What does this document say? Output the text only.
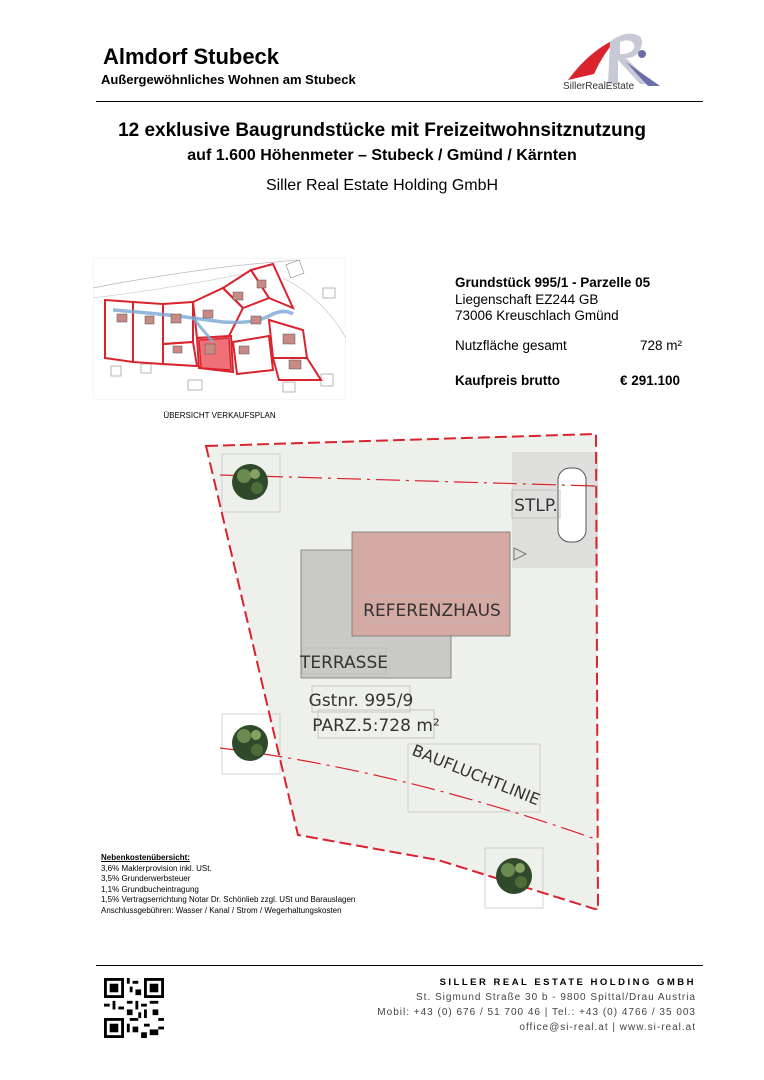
Almdorf Stubeck
Außergewöhnliches Wohnen am Stubeck	SillerRealEstate
12 exklusive Baugrundstücke mit Freizeitwohnsitznutzung
auf 1.600 Höhenmeter – Stubeck / Gmünd / Kärnten
Siller Real Estate Holding GmbH
ÜBERSICHT VERKAUFSPLAN
Grundstück 995/1 - Parzelle 05
Liegenschaft EZ244 GB
73006 Kreuschlach Gmünd
Nutzfläche gesamt	728 m²
Kaufpreis brutto	€ 291.100
STLP.
REFERENZHAUS
TERRASSE
Gstnr. 995/9
PARZ.5:728 m²
BAUFLUCHTLINIE
Nebenkostenübersicht:
3,6% Maklerprovision inkl. USt.
3,5% Grunderwerbsteuer
1,1% Grundbucheintragung
1,5% Vertragserrichtung Notar Dr. Schönlieb zzgl. USt und Barauslagen
Anschlussgebühren: Wasser / Kanal / Strom / Wegerhaltungskosten
SILLER REAL ESTATE HOLDING GMBH
St. Sigmund Straße 30 b - 9800 Spittal/Drau Austria
Mobil: +43 (0) 676 / 51 700 46 | Tel.: +43 (0) 4766 / 35 003
office@si-real.at | www.si-real.at
